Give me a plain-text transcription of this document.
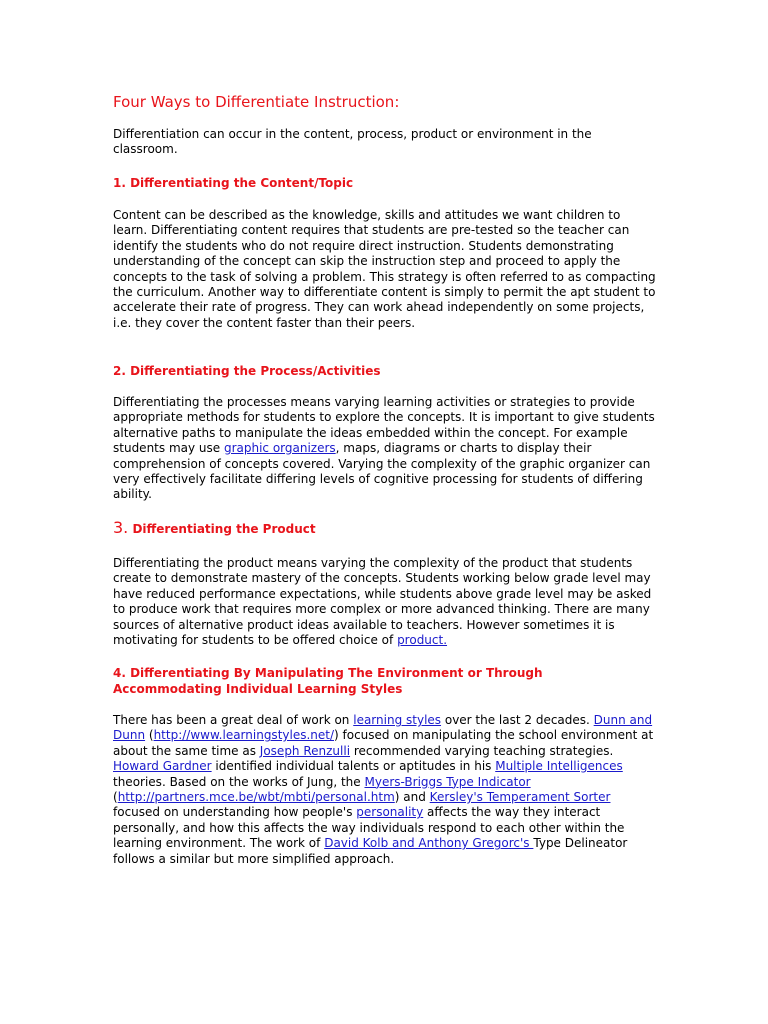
Four Ways to Differentiate Instruction:

Differentiation can occur in the content, process, product or environment in the classroom.

1. Differentiating the Content/Topic

Content can be described as the knowledge, skills and attitudes we want children to learn. Differentiating content requires that students are pre-tested so the teacher can identify the students who do not require direct instruction. Students demonstrating understanding of the concept can skip the instruction step and proceed to apply the concepts to the task of solving a problem. This strategy is often referred to as compacting the curriculum. Another way to differentiate content is simply to permit the apt student to accelerate their rate of progress. They can work ahead independently on some projects, i.e. they cover the content faster than their peers.

2. Differentiating the Process/Activities

Differentiating the processes means varying learning activities or strategies to provide appropriate methods for students to explore the concepts. It is important to give students alternative paths to manipulate the ideas embedded within the concept. For example students may use graphic organizers, maps, diagrams or charts to display their comprehension of concepts covered. Varying the complexity of the graphic organizer can very effectively facilitate differing levels of cognitive processing for students of differing ability.

3. Differentiating the Product

Differentiating the product means varying the complexity of the product that students create to demonstrate mastery of the concepts. Students working below grade level may have reduced performance expectations, while students above grade level may be asked to produce work that requires more complex or more advanced thinking. There are many sources of alternative product ideas available to teachers. However sometimes it is motivating for students to be offered choice of product.

4. Differentiating By Manipulating The Environment or Through Accommodating Individual Learning Styles

There has been a great deal of work on learning styles over the last 2 decades. Dunn and Dunn (http://www.learningstyles.net/) focused on manipulating the school environment at about the same time as Joseph Renzulli recommended varying teaching strategies. Howard Gardner identified individual talents or aptitudes in his Multiple Intelligences theories. Based on the works of Jung, the Myers-Briggs Type Indicator (http://partners.mce.be/wbt/mbti/personal.htm) and Kersley's Temperament Sorter focused on understanding how people's personality affects the way they interact personally, and how this affects the way individuals respond to each other within the learning environment. The work of David Kolb and Anthony Gregorc's Type Delineator follows a similar but more simplified approach.
